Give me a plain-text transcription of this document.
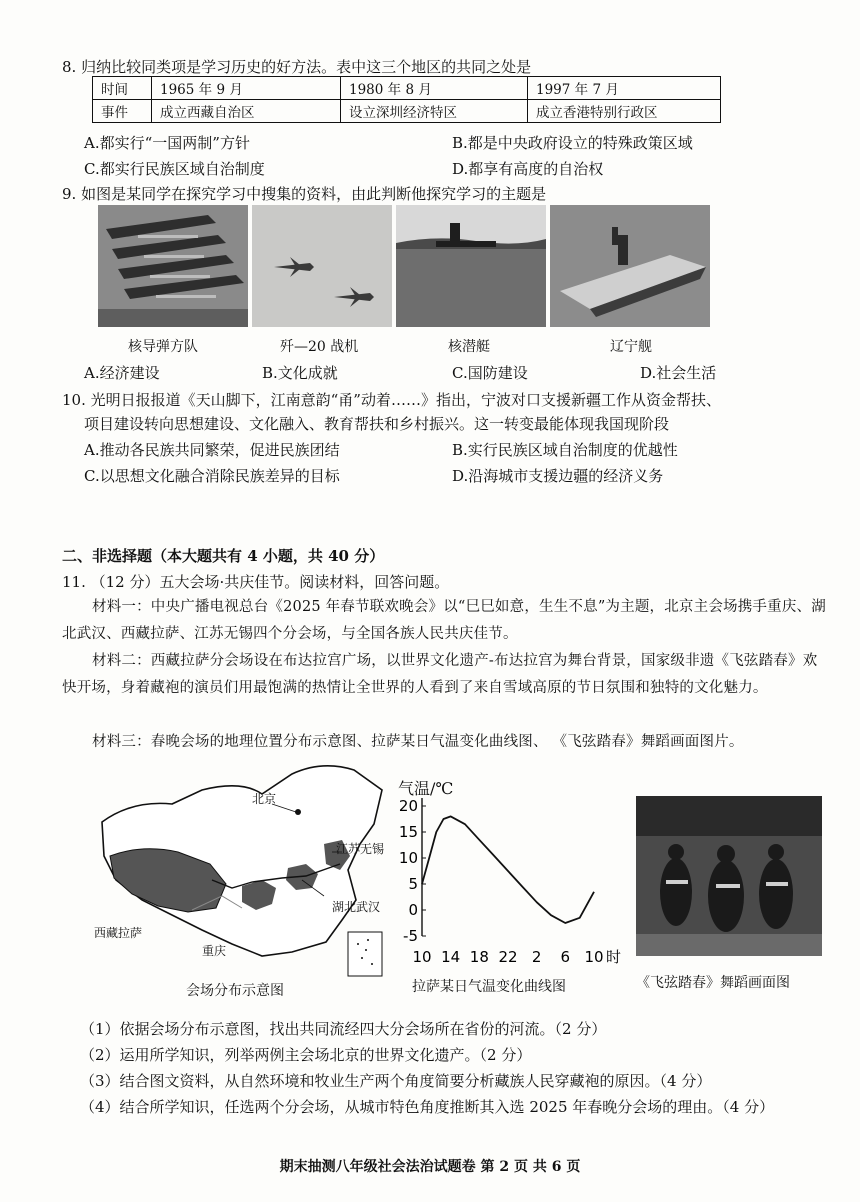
8. 归纳比较同类项是学习历史的好方法。表中这三个地区的共同之处是
时间	1965 年 9 月	1980 年 8 月	1997 年 7 月
事件	成立西藏自治区	设立深圳经济特区	成立香港特别行政区
A.都实行“一国两制”方针	B.都是中央政府设立的特殊政策区域
C.都实行民族区域自治制度	D.都享有高度的自治权
9. 如图是某同学在探究学习中搜集的资料，由此判断他探究学习的主题是
核导弹方队	歼—20 战机	核潜艇	辽宁舰
A.经济建设	B.文化成就	C.国防建设	D.社会生活
10. 光明日报报道《天山脚下，江南意韵“甬”动着……》指出，宁波对口支援新疆工作从资金帮扶、
项目建设转向思想建设、文化融入、教育帮扶和乡村振兴。这一转变最能体现我国现阶段
A.推动各民族共同繁荣，促进民族团结	B.实行民族区域自治制度的优越性
C.以思想文化融合消除民族差异的目标	D.沿海城市支援边疆的经济义务
二、非选择题（本大题共有 4 小题，共 40 分）
11. （12 分）五大会场·共庆佳节。阅读材料，回答问题。
材料一：中央广播电视总台《2025 年春节联欢晚会》以“巳巳如意，生生不息”为主题，北京主会场携手重庆、湖北武汉、西藏拉萨、江苏无锡四个分会场，与全国各族人民共庆佳节。
材料二：西藏拉萨分会场设在布达拉宫广场，以世界文化遗产-布达拉宫为舞台背景，国家级非遗《飞弦踏春》欢快开场，身着藏袍的演员们用最饱满的热情让全世界的人看到了来自雪域高原的节日氛围和独特的文化魅力。
材料三：春晚会场的地理位置分布示意图、拉萨某日气温变化曲线图、 《飞弦踏春》舞蹈画面图片。
北京
江苏无锡
湖北武汉
西藏拉萨
重庆
会场分布示意图
气温/℃
-5
0
5
10
15
20
10 14 18 22 2 6 10 时
拉萨某日气温变化曲线图	《飞弦踏春》舞蹈画面图
（1）依据会场分布示意图，找出共同流经四大分会场所在省份的河流。（2 分）
（2）运用所学知识，列举两例主会场北京的世界文化遗产。（2 分）
（3）结合图文资料，从自然环境和牧业生产两个角度简要分析藏族人民穿藏袍的原因。（4 分）
（4）结合所学知识，任选两个分会场，从城市特色角度推断其入选 2025 年春晚分会场的理由。（4 分）
期末抽测八年级社会法治试题卷 第 2 页 共 6 页
